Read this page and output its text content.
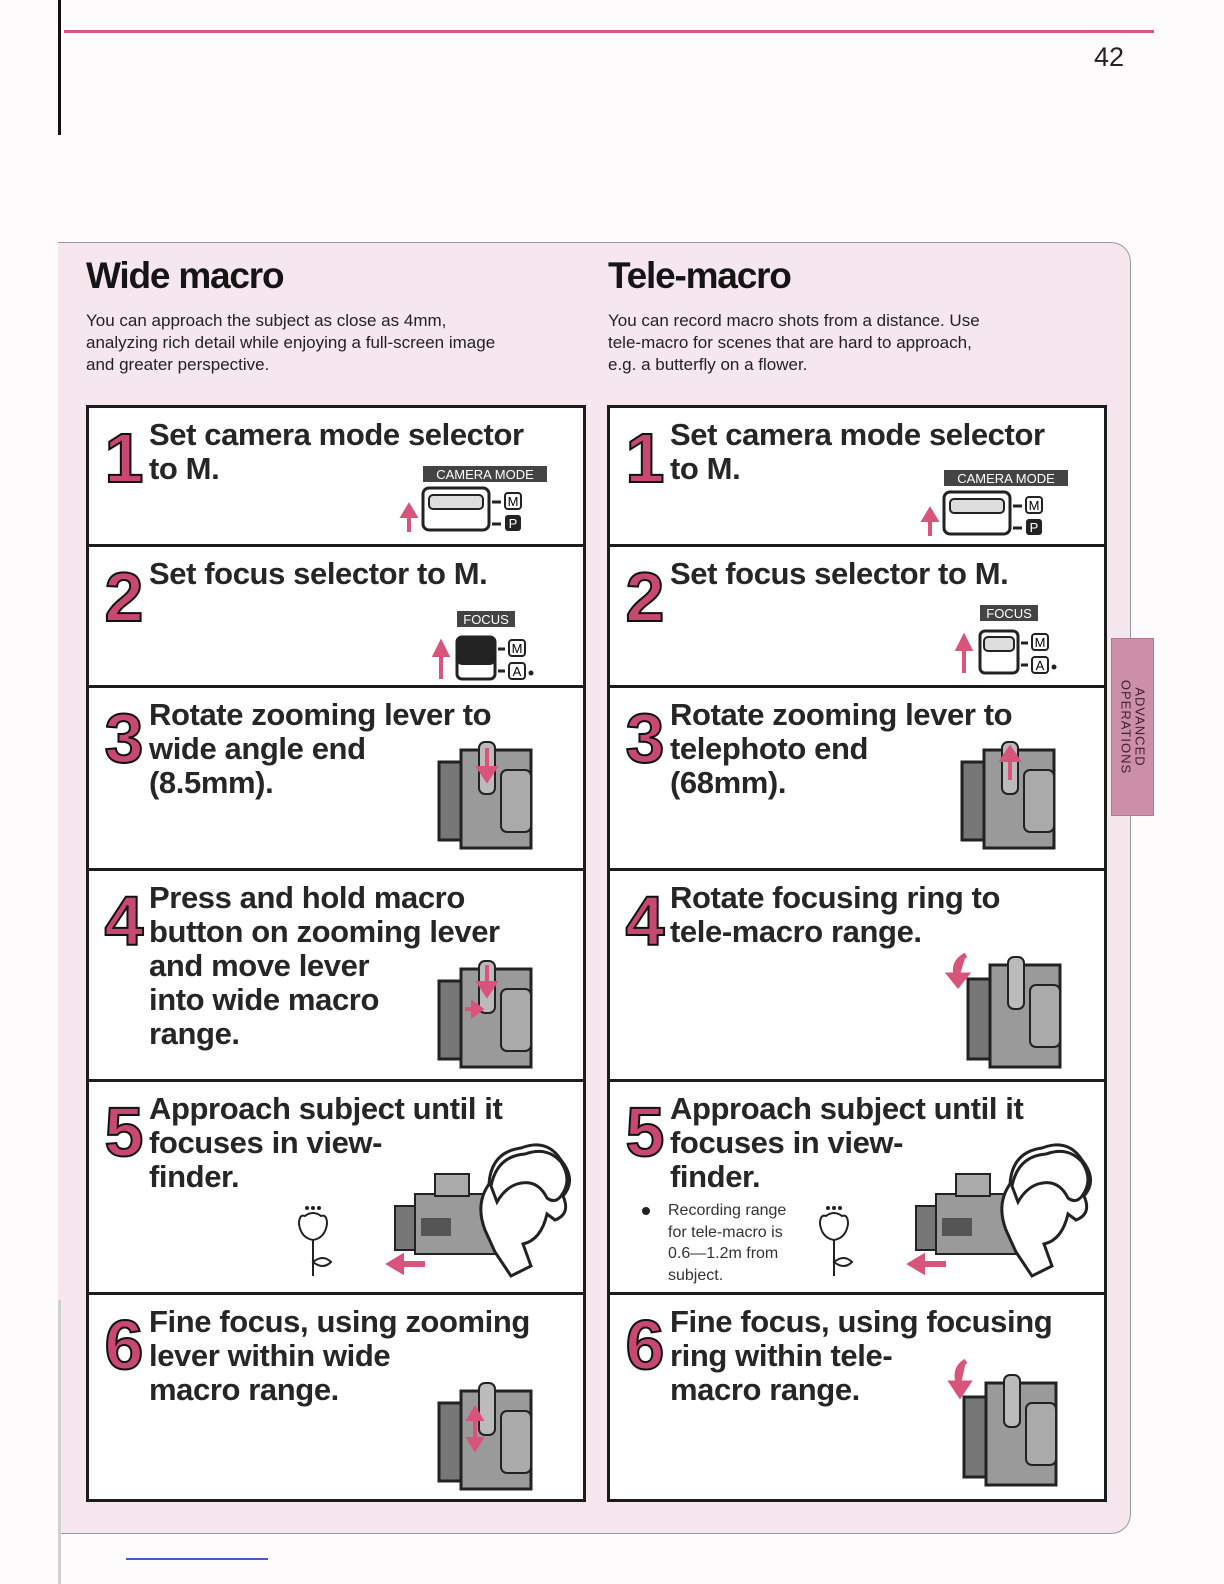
42
ADVANCED
OPERATIONS
Wide macro
You can approach the subject as close as 4mm,
analyzing rich detail while enjoying a full-screen image
and greater perspective.
1 Set camera mode selector
to M.	CAMERA MODE
M
P
2 Set focus selector to M.
FOCUS
M
A
3 Rotate zooming lever to
wide angle end
(8.5mm).
4 Press and hold macro
button on zooming lever
and move lever
into wide macro
range.
5 Approach subject until it
focuses in view-
finder.
6 Fine focus, using zooming
lever within wide
macro range.
Tele-macro
You can record macro shots from a distance. Use
tele-macro for scenes that are hard to approach,
e.g. a butterfly on a flower.
1 Set camera mode selector
to M.	CAMERA MODE
M
P
2 Set focus selector to M.
FOCUS
M
A
3 Rotate zooming lever to
telephoto end
(68mm).
4 Rotate focusing ring to
tele-macro range.
5 Approach subject until it
focuses in view-
finder.
Recording range
for tele-macro is
0.6—1.2m from
subject.
6 Fine focus, using focusing
ring within tele-
macro range.
